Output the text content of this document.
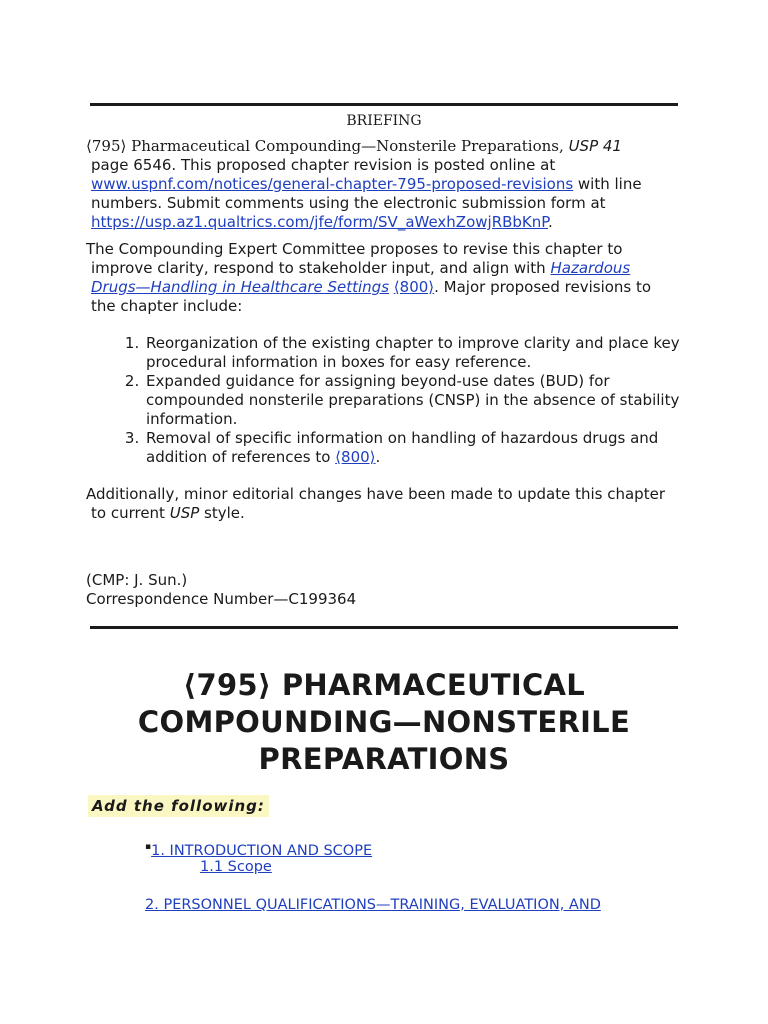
BRIEFING
⟨795⟩ Pharmaceutical Compounding—Nonsterile Preparations, USP 41
page 6546. This proposed chapter revision is posted online at
www.uspnf.com/notices/general-chapter-795-proposed-revisions with line
numbers. Submit comments using the electronic submission form at
https://usp.az1.qualtrics.com/jfe/form/SV_aWexhZowjRBbKnP.
The Compounding Expert Committee proposes to revise this chapter to
improve clarity, respond to stakeholder input, and align with Hazardous
Drugs—Handling in Healthcare Settings ⟨800⟩. Major proposed revisions to
the chapter include:
1. Reorganization of the existing chapter to improve clarity and place key procedural information in boxes for easy reference.
2. Expanded guidance for assigning beyond-use dates (BUD) for compounded nonsterile preparations (CNSP) in the absence of stability information.
3. Removal of specific information on handling of hazardous drugs and addition of references to ⟨800⟩.
Additionally, minor editorial changes have been made to update this chapter
to current USP style.
(CMP: J. Sun.)
Correspondence Number—C199364
⟨795⟩ PHARMACEUTICAL
COMPOUNDING—NONSTERILE
PREPARATIONS
Add the following:
▪1. INTRODUCTION AND SCOPE
1.1 Scope
2. PERSONNEL QUALIFICATIONS—TRAINING, EVALUATION, AND
